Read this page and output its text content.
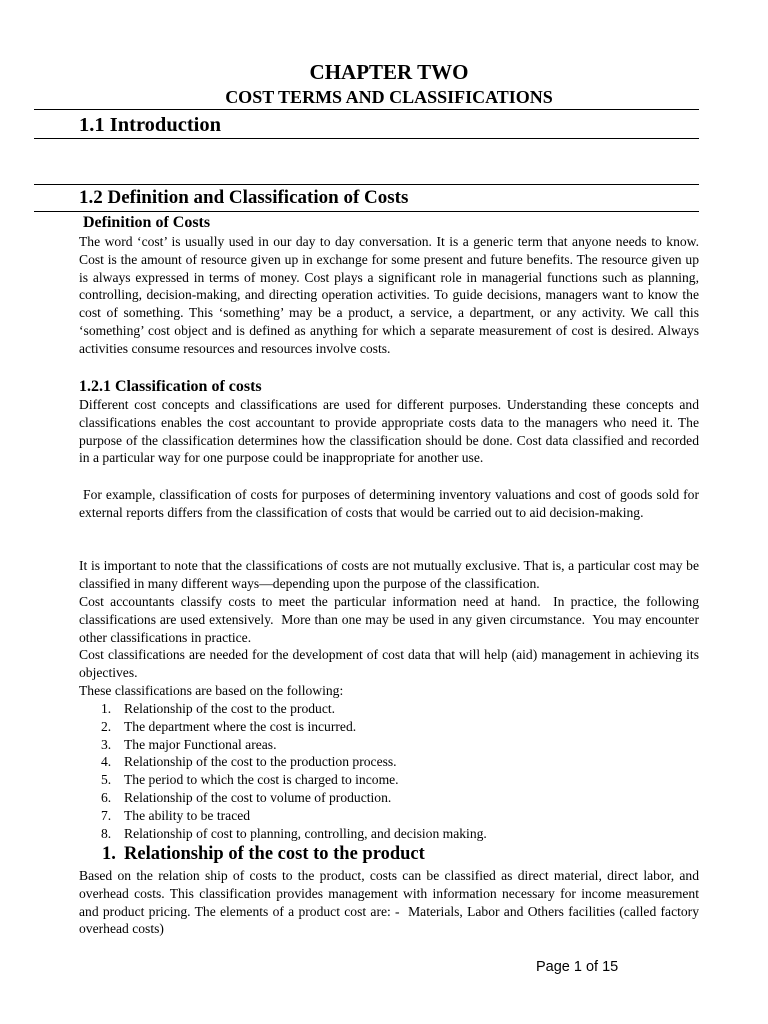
CHAPTER TWO
COST TERMS AND CLASSIFICATIONS
1.1 Introduction
1.2 Definition and Classification of Costs
Definition of Costs

The word ‘cost’ is usually used in our day to day conversation. It is a generic term that anyone needs to know. Cost is the amount of resource given up in exchange for some present and future benefits. The resource given up is always expressed in terms of money. Cost plays a significant role in managerial functions such as planning, controlling, decision-making, and directing operation activities. To guide decisions, managers want to know the cost of something. This ‘something’ may be a product, a service, a department, or any activity. We call this ‘something’ cost object and is defined as anything for which a separate measurement of cost is desired. Always activities consume resources and resources involve costs.

1.2.1 Classification of costs

Different cost concepts and classifications are used for different purposes. Understanding these concepts and classifications enables the cost accountant to provide appropriate costs data to the managers who need it. The purpose of the classification determines how the classification should be done. Cost data classified and recorded in a particular way for one purpose could be inappropriate for another use.

For example, classification of costs for purposes of determining inventory valuations and cost of goods sold for external reports differs from the classification of costs that would be carried out to aid decision-making.

It is important to note that the classifications of costs are not mutually exclusive. That is, a particular cost may be classified in many different ways—depending upon the purpose of the classification.

Cost accountants classify costs to meet the particular information need at hand.  In practice, the following classifications are used extensively.  More than one may be used in any given circumstance.  You may encounter other classifications in practice.

Cost classifications are needed for the development of cost data that will help (aid) management in achieving its objectives.

These classifications are based on the following:

1. Relationship of the cost to the product.
2. The department where the cost is incurred.
3. The major Functional areas.
4. Relationship of the cost to the production process.
5. The period to which the cost is charged to income.
6. Relationship of the cost to volume of production.
7. The ability to be traced
8. Relationship of cost to planning, controlling, and decision making.
1. Relationship of the cost to the product

Based on the relation ship of costs to the product, costs can be classified as direct material, direct labor, and overhead costs. This classification provides management with information necessary for income measurement and product pricing. The elements of a product cost are: -  Materials, Labor and Others facilities (called factory overhead costs)

Page 1 of 15
